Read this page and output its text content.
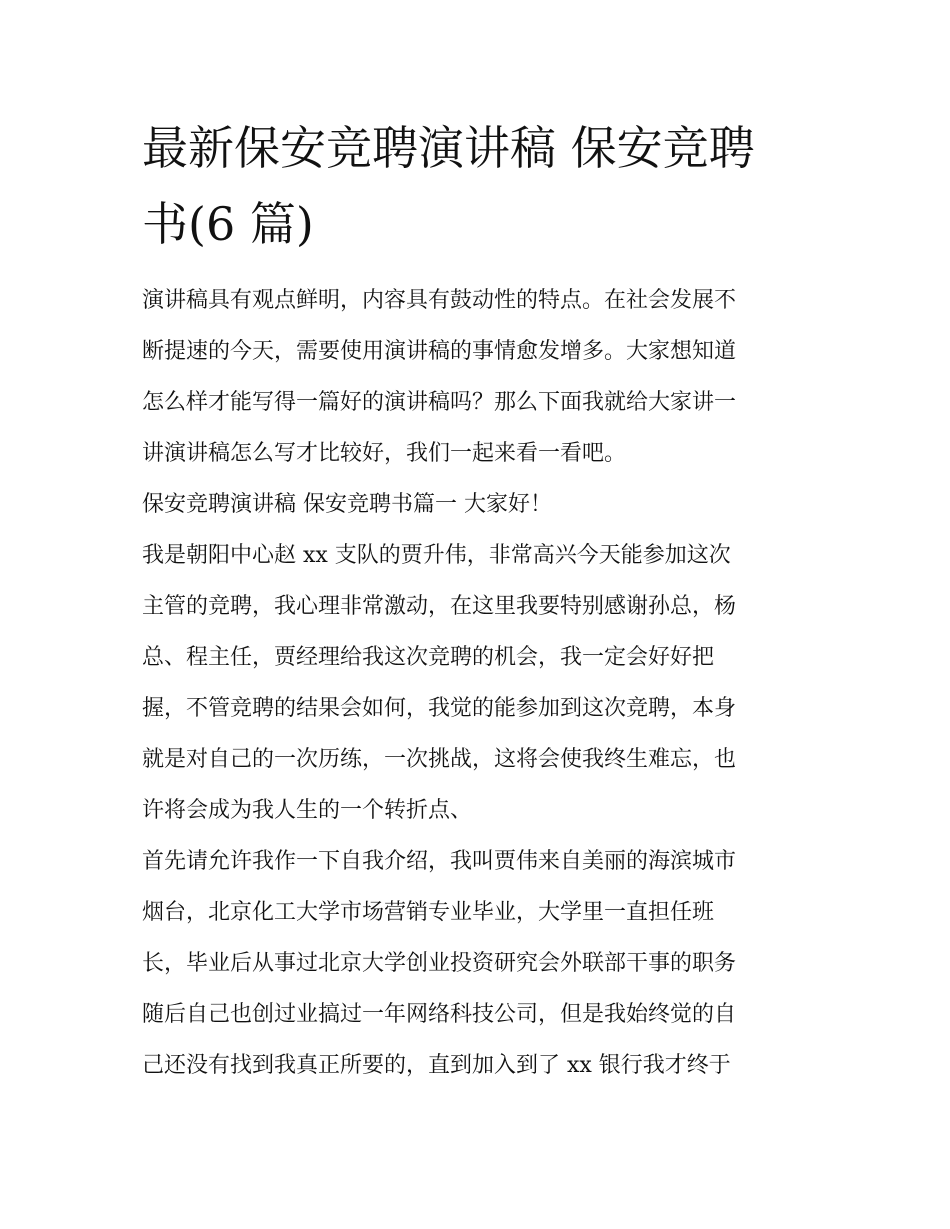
最新保安竞聘演讲稿 保安竞聘
书(6 篇)
演讲稿具有观点鲜明，内容具有鼓动性的特点。在社会发展不
断提速的今天，需要使用演讲稿的事情愈发增多。大家想知道
怎么样才能写得一篇好的演讲稿吗？那么下面我就给大家讲一
讲演讲稿怎么写才比较好，我们一起来看一看吧。
保安竞聘演讲稿 保安竞聘书篇一 大家好！
我是朝阳中心赵 xx 支队的贾升伟，非常高兴今天能参加这次
主管的竞聘，我心理非常激动，在这里我要特别感谢孙总，杨
总、程主任，贾经理给我这次竞聘的机会，我一定会好好把
握，不管竞聘的结果会如何，我觉的能参加到这次竞聘，本身
就是对自己的一次历练，一次挑战，这将会使我终生难忘，也
许将会成为我人生的一个转折点、
首先请允许我作一下自我介绍，我叫贾伟来自美丽的海滨城市
烟台，北京化工大学市场营销专业毕业，大学里一直担任班
长，毕业后从事过北京大学创业投资研究会外联部干事的职务
随后自己也创过业搞过一年网络科技公司，但是我始终觉的自
己还没有找到我真正所要的，直到加入到了 xx 银行我才终于
